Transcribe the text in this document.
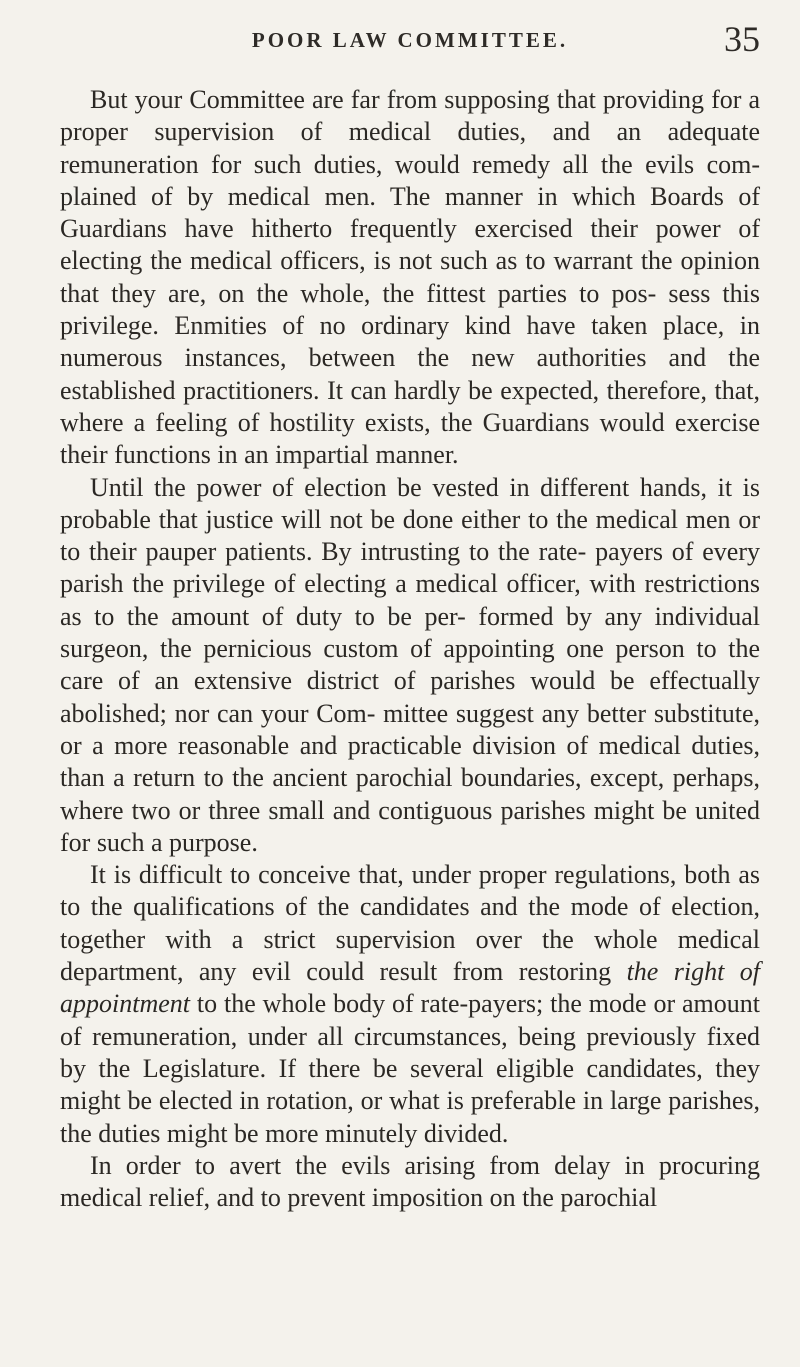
POOR LAW COMMITTEE.	35

But your Committee are far from supposing that providing for a proper supervision of medical duties, and an adequate remuneration for such duties, would remedy all the evils com- plained of by medical men. The manner in which Boards of Guardians have hitherto frequently exercised their power of electing the medical officers, is not such as to warrant the opinion that they are, on the whole, the fittest parties to pos- sess this privilege. Enmities of no ordinary kind have taken place, in numerous instances, between the new authorities and the established practitioners. It can hardly be expected, therefore, that, where a feeling of hostility exists, the Guardians would exercise their functions in an impartial manner.

Until the power of election be vested in different hands, it is probable that justice will not be done either to the medical men or to their pauper patients. By intrusting to the rate- payers of every parish the privilege of electing a medical officer, with restrictions as to the amount of duty to be per- formed by any individual surgeon, the pernicious custom of appointing one person to the care of an extensive district of parishes would be effectually abolished; nor can your Com- mittee suggest any better substitute, or a more reasonable and practicable division of medical duties, than a return to the ancient parochial boundaries, except, perhaps, where two or three small and contiguous parishes might be united for such a purpose.

It is difficult to conceive that, under proper regulations, both as to the qualifications of the candidates and the mode of election, together with a strict supervision over the whole medical department, any evil could result from restoring the right of appointment to the whole body of rate-payers; the mode or amount of remuneration, under all circumstances, being previously fixed by the Legislature. If there be several eligible candidates, they might be elected in rotation, or what is preferable in large parishes, the duties might be more minutely divided.

In order to avert the evils arising from delay in procuring medical relief, and to prevent imposition on the parochial
